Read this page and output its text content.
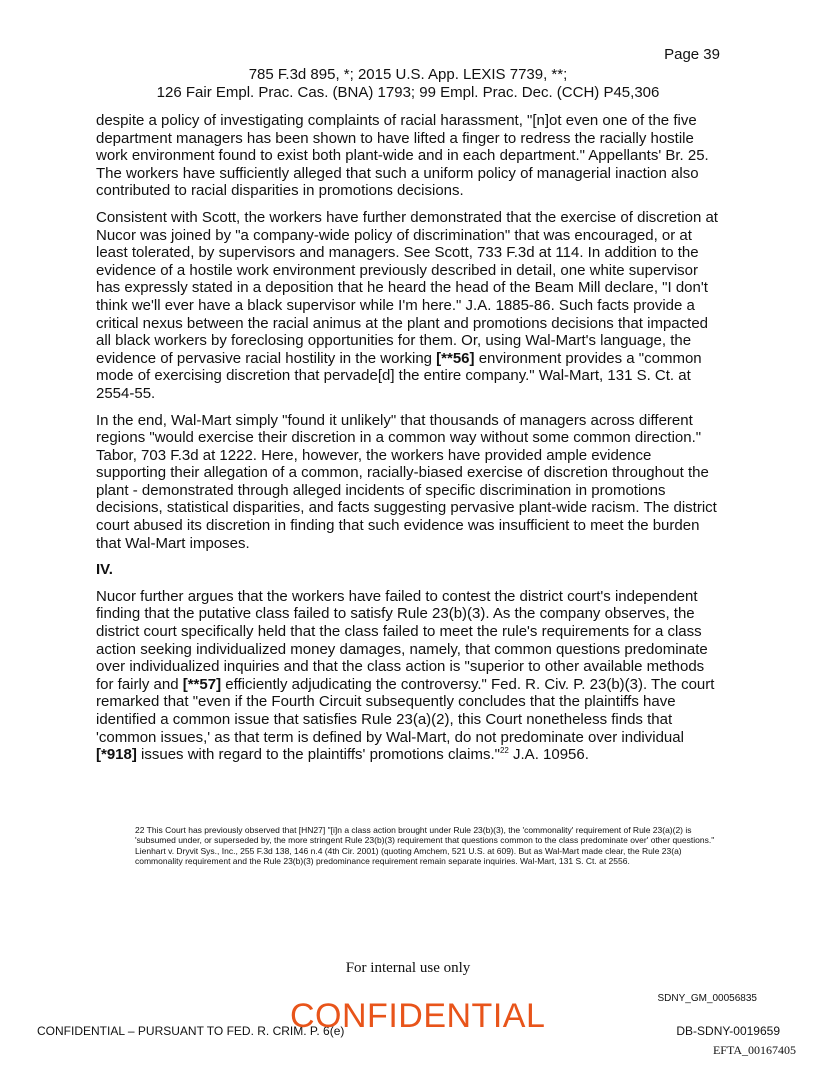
Page 39
785 F.3d 895, *; 2015 U.S. App. LEXIS 7739, **;
126 Fair Empl. Prac. Cas. (BNA) 1793; 99 Empl. Prac. Dec. (CCH) P45,306

despite a policy of investigating complaints of racial harassment, "[n]ot even one of the five department managers has been shown to have lifted a finger to redress the racially hostile work environment found to exist both plant-wide and in each department." Appellants' Br. 25. The workers have sufficiently alleged that such a uniform policy of managerial inaction also contributed to racial disparities in promotions decisions.

Consistent with Scott, the workers have further demonstrated that the exercise of discretion at Nucor was joined by "a company-wide policy of discrimination" that was encouraged, or at least tolerated, by supervisors and managers. See Scott, 733 F.3d at 114. In addition to the evidence of a hostile work environment previously described in detail, one white supervisor has expressly stated in a deposition that he heard the head of the Beam Mill declare, "I don't think we'll ever have a black supervisor while I'm here." J.A. 1885-86. Such facts provide a critical nexus between the racial animus at the plant and promotions decisions that impacted all black workers by foreclosing opportunities for them. Or, using Wal-Mart's language, the evidence of pervasive racial hostility in the working [**56] environment provides a "common mode of exercising discretion that pervade[d] the entire company." Wal-Mart, 131 S. Ct. at 2554-55.

In the end, Wal-Mart simply "found it unlikely" that thousands of managers across different regions "would exercise their discretion in a common way without some common direction." Tabor, 703 F.3d at 1222. Here, however, the workers have provided ample evidence supporting their allegation of a common, racially-biased exercise of discretion throughout the plant - demonstrated through alleged incidents of specific discrimination in promotions decisions, statistical disparities, and facts suggesting pervasive plant-wide racism. The district court abused its discretion in finding that such evidence was insufficient to meet the burden that Wal-Mart imposes.

IV.

Nucor further argues that the workers have failed to contest the district court's independent finding that the putative class failed to satisfy Rule 23(b)(3). As the company observes, the district court specifically held that the class failed to meet the rule's requirements for a class action seeking individualized money damages, namely, that common questions predominate over individualized inquiries and that the class action is "superior to other available methods for fairly and [**57] efficiently adjudicating the controversy." Fed. R. Civ. P. 23(b)(3). The court remarked that "even if the Fourth Circuit subsequently concludes that the plaintiffs have identified a common issue that satisfies Rule 23(a)(2), this Court nonetheless finds that 'common issues,' as that term is defined by Wal-Mart, do not predominate over individual [*918] issues with regard to the plaintiffs' promotions claims."$^{22}$ J.A. 10956.

22 This Court has previously observed that [HN27] "[i]n a class action brought under Rule 23(b)(3), the 'commonality' requirement of Rule 23(a)(2) is 'subsumed under, or superseded by, the more stringent Rule 23(b)(3) requirement that questions common to the class predominate over' other questions." Lienhart v. Dryvit Sys., Inc., 255 F.3d 138, 146 n.4 (4th Cir. 2001) (quoting Amchem, 521 U.S. at 609). But as Wal-Mart made clear, the Rule 23(a) commonality requirement and the Rule 23(b)(3) predominance requirement remain separate inquiries. Wal-Mart, 131 S. Ct. at 2556.
For internal use only
SDNY_GM_00056835
CONFIDENTIAL – PURSUANT TO FED. R. CRIM. P. 6(e)
CONFIDENTIAL	DB-SDNY-0019659
EFTA_00167405
